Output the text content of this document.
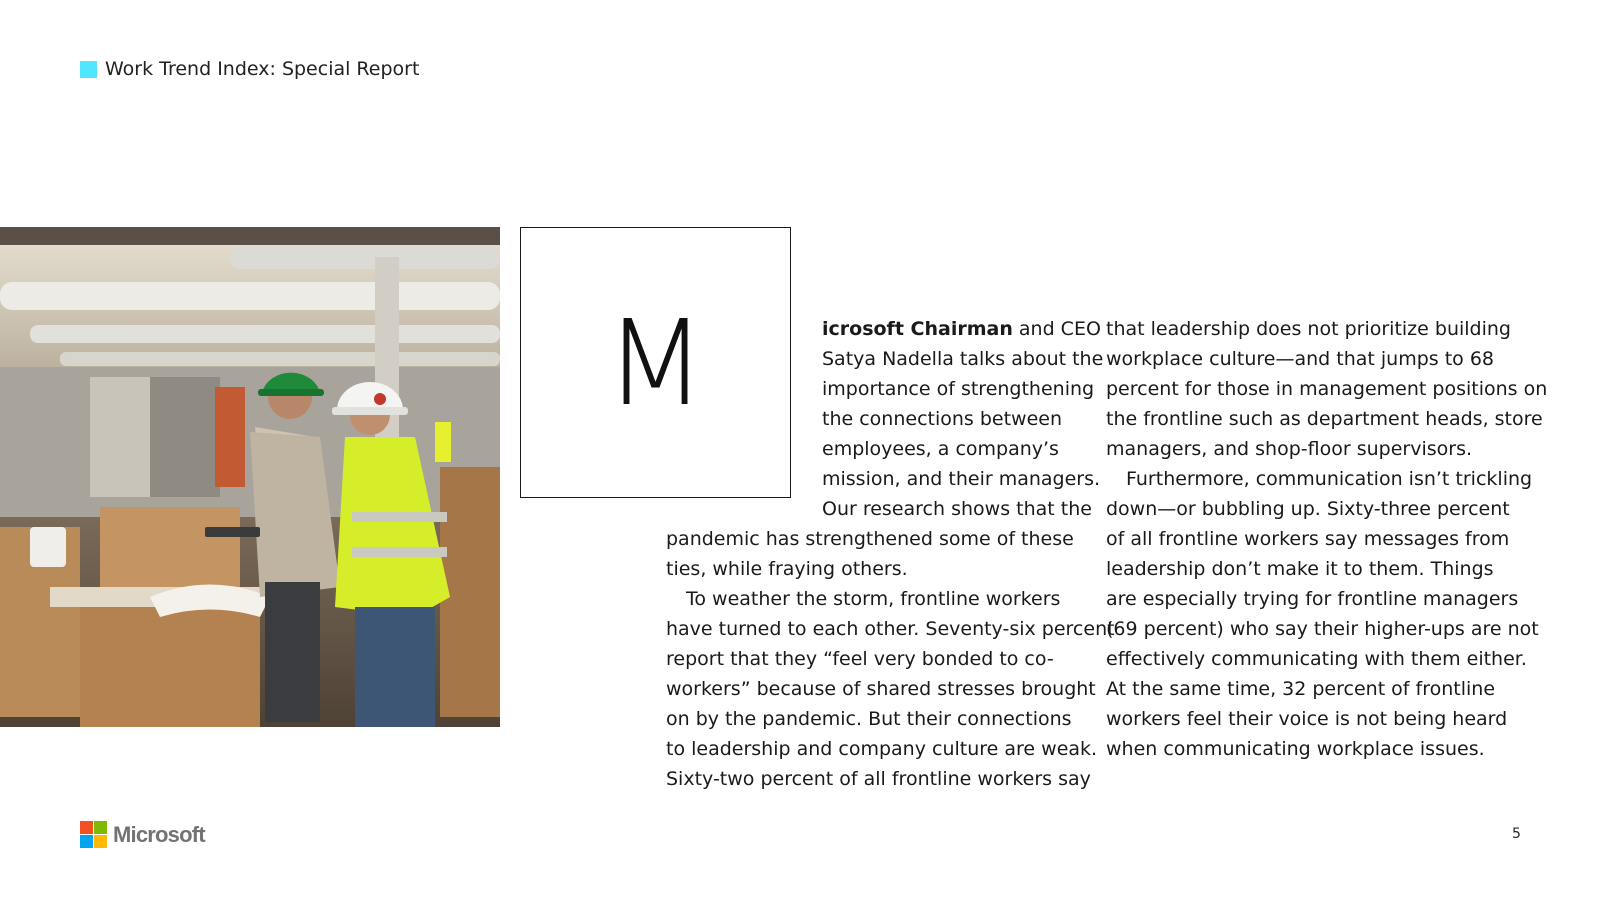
Work Trend Index: Special Report
M	icrosoft Chairman and CEO
Satya Nadella talks about the
importance of strengthening
the connections between
employees, a company’s
mission, and their managers.
Our research shows that the
pandemic has strengthened some of these
ties, while fraying others.
To weather the storm, frontline workers
have turned to each other. Seventy-six percent
report that they “feel very bonded to co-
workers” because of shared stresses brought
on by the pandemic. But their connections
to leadership and company culture are weak.
Sixty-two percent of all frontline workers say
that leadership does not prioritize building
workplace culture—and that jumps to 68
percent for those in management positions on
the frontline such as department heads, store
managers, and shop-floor supervisors.
Furthermore, communication isn’t trickling
down—or bubbling up. Sixty-three percent
of all frontline workers say messages from
leadership don’t make it to them. Things
are especially trying for frontline managers
(69 percent) who say their higher-ups are not
effectively communicating with them either.
At the same time, 32 percent of frontline
workers feel their voice is not being heard
when communicating workplace issues.
Microsoft	5
